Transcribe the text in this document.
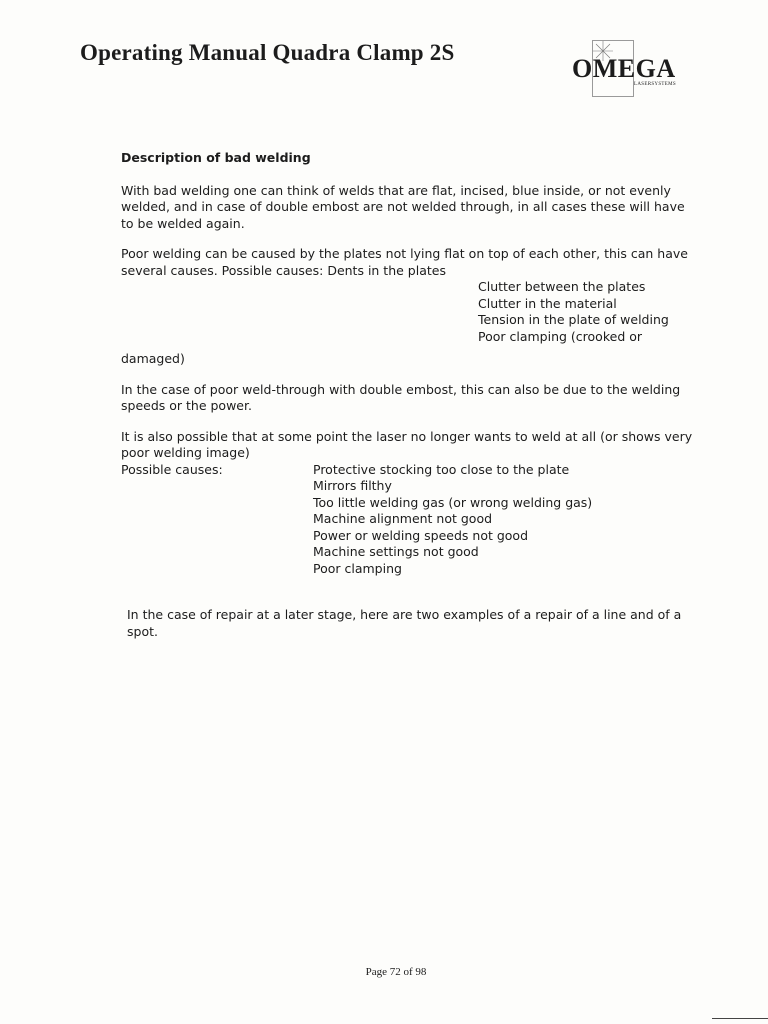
Operating Manual Quadra Clamp 2S
OMEGA
LASERSYSTEMS
Description of bad welding

With bad welding one can think of welds that are flat, incised, blue inside, or not evenly welded, and in case of double embost are not welded through, in all cases these will have to be welded again.

Poor welding can be caused by the plates not lying flat on top of each other, this can have several causes. Possible causes: Dents in the plates

Clutter between the plates
Clutter in the material
Tension in the plate of welding
Poor clamping (crooked or

damaged)

In the case of poor weld-through with double embost, this can also be due to the welding speeds or the power.

It is also possible that at some point the laser no longer wants to weld at all (or shows very poor welding image)

Possible causes:	Protective stocking too close to the plate
Mirrors filthy
Too little welding gas (or wrong welding gas)
Machine alignment not good
Power or welding speeds not good
Machine settings not good
Poor clamping

In the case of repair at a later stage, here are two examples of a repair of a line and of a spot.

Page 72 of 98
